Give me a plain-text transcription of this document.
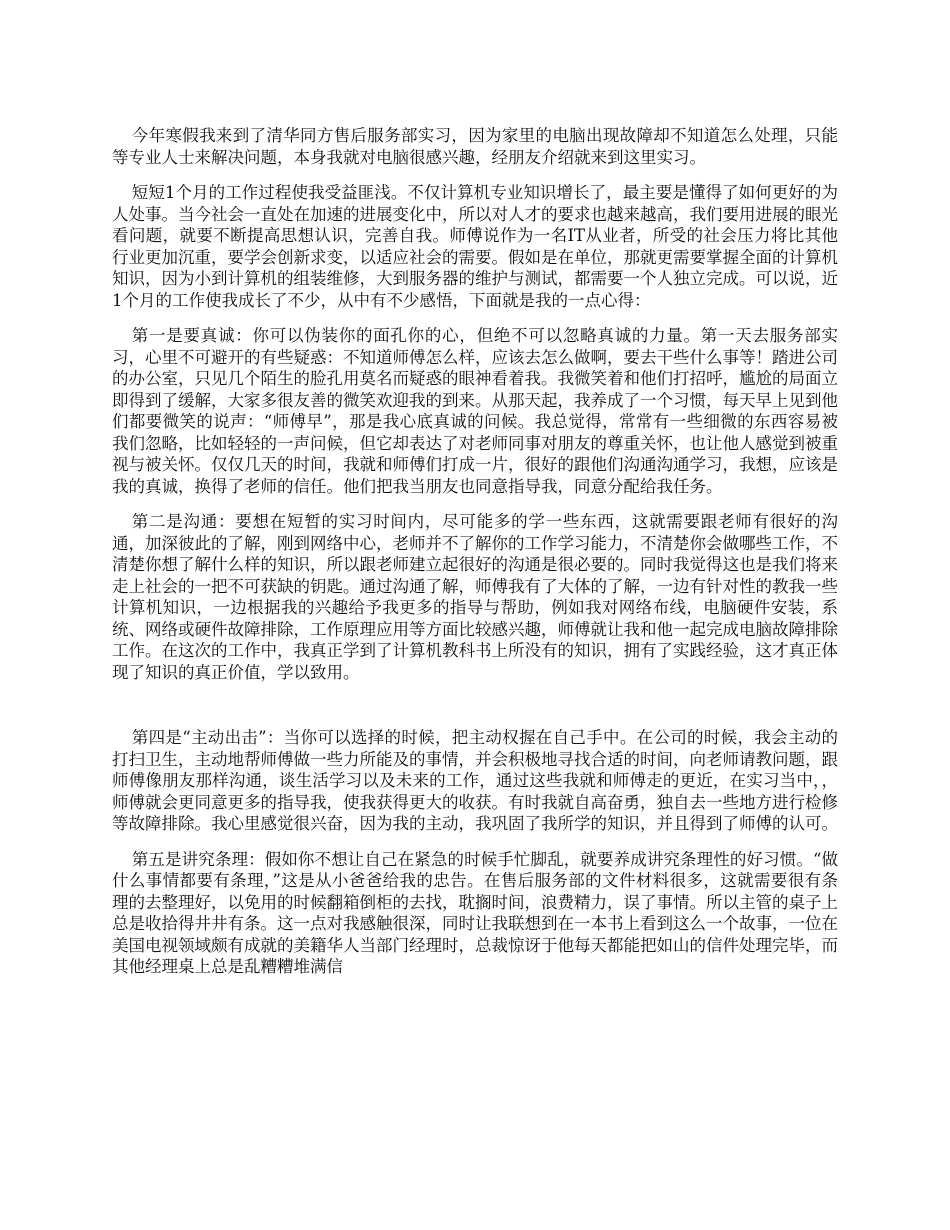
今年寒假我来到了清华同方售后服务部实习，因为家里的电脑出现故障却不知道怎么处理，只能等专业人士来解决问题，本身我就对电脑很感兴趣，经朋友介绍就来到这里实习。

短短1个月的工作过程使我受益匪浅。不仅计算机专业知识增长了，最主要是懂得了如何更好的为人处事。当今社会一直处在加速的进展变化中，所以对人才的要求也越来越高，我们要用进展的眼光看问题，就要不断提高思想认识，完善自我。师傅说作为一名IT从业者，所受的社会压力将比其他行业更加沉重，要学会创新求变，以适应社会的需要。假如是在单位，那就更需要掌握全面的计算机知识，因为小到计算机的组装维修，大到服务器的维护与测试，都需要一个人独立完成。可以说，近1个月的工作使我成长了不少，从中有不少感悟，下面就是我的一点心得：

第一是要真诚：你可以伪装你的面孔你的心，但绝不可以忽略真诚的力量。第一天去服务部实习，心里不可避开的有些疑惑：不知道师傅怎么样，应该去怎么做啊，要去干些什么事等！踏进公司的办公室，只见几个陌生的脸孔用莫名而疑惑的眼神看着我。我微笑着和他们打招呼，尴尬的局面立即得到了缓解，大家多很友善的微笑欢迎我的到来。从那天起，我养成了一个习惯，每天早上见到他们都要微笑的说声：“师傅早”，那是我心底真诚的问候。我总觉得，常常有一些细微的东西容易被我们忽略，比如轻轻的一声问候，但它却表达了对老师同事对朋友的尊重关怀，也让他人感觉到被重视与被关怀。仅仅几天的时间，我就和师傅们打成一片，很好的跟他们沟通沟通学习，我想，应该是我的真诚，换得了老师的信任。他们把我当朋友也同意指导我，同意分配给我任务。

第二是沟通：要想在短暂的实习时间内，尽可能多的学一些东西，这就需要跟老师有很好的沟通，加深彼此的了解，刚到网络中心，老师并不了解你的工作学习能力，不清楚你会做哪些工作，不清楚你想了解什么样的知识，所以跟老师建立起很好的沟通是很必要的。同时我觉得这也是我们将来走上社会的一把不可获缺的钥匙。通过沟通了解，师傅我有了大体的了解，一边有针对性的教我一些计算机知识，一边根据我的兴趣给予我更多的指导与帮助，例如我对网络布线，电脑硬件安装，系统、网络或硬件故障排除，工作原理应用等方面比较感兴趣，师傅就让我和他一起完成电脑故障排除工作。在这次的工作中，我真正学到了计算机教科书上所没有的知识，拥有了实践经验，这才真正体现了知识的真正价值，学以致用。

第四是“主动出击”：当你可以选择的时候，把主动权握在自己手中。在公司的时候，我会主动的打扫卫生，主动地帮师傅做一些力所能及的事情，并会积极地寻找合适的时间，向老师请教问题，跟师傅像朋友那样沟通，谈生活学习以及未来的工作，通过这些我就和师傅走的更近，在实习当中，，师傅就会更同意更多的指导我，使我获得更大的收获。有时我就自高奋勇，独自去一些地方进行检修等故障排除。我心里感觉很兴奋，因为我的主动，我巩固了我所学的知识，并且得到了师傅的认可。

第五是讲究条理：假如你不想让自己在紧急的时候手忙脚乱，就要养成讲究条理性的好习惯。“做什么事情都要有条理，”这是从小爸爸给我的忠告。在售后服务部的文件材料很多，这就需要很有条理的去整理好，以免用的时候翻箱倒柜的去找，耽搁时间，浪费精力，误了事情。所以主管的桌子上总是收拾得井井有条。这一点对我感触很深，同时让我联想到在一本书上看到这么一个故事，一位在美国电视领域颇有成就的美籍华人当部门经理时，总裁惊讶于他每天都能把如山的信件处理完毕，而其他经理桌上总是乱糟糟堆满信
